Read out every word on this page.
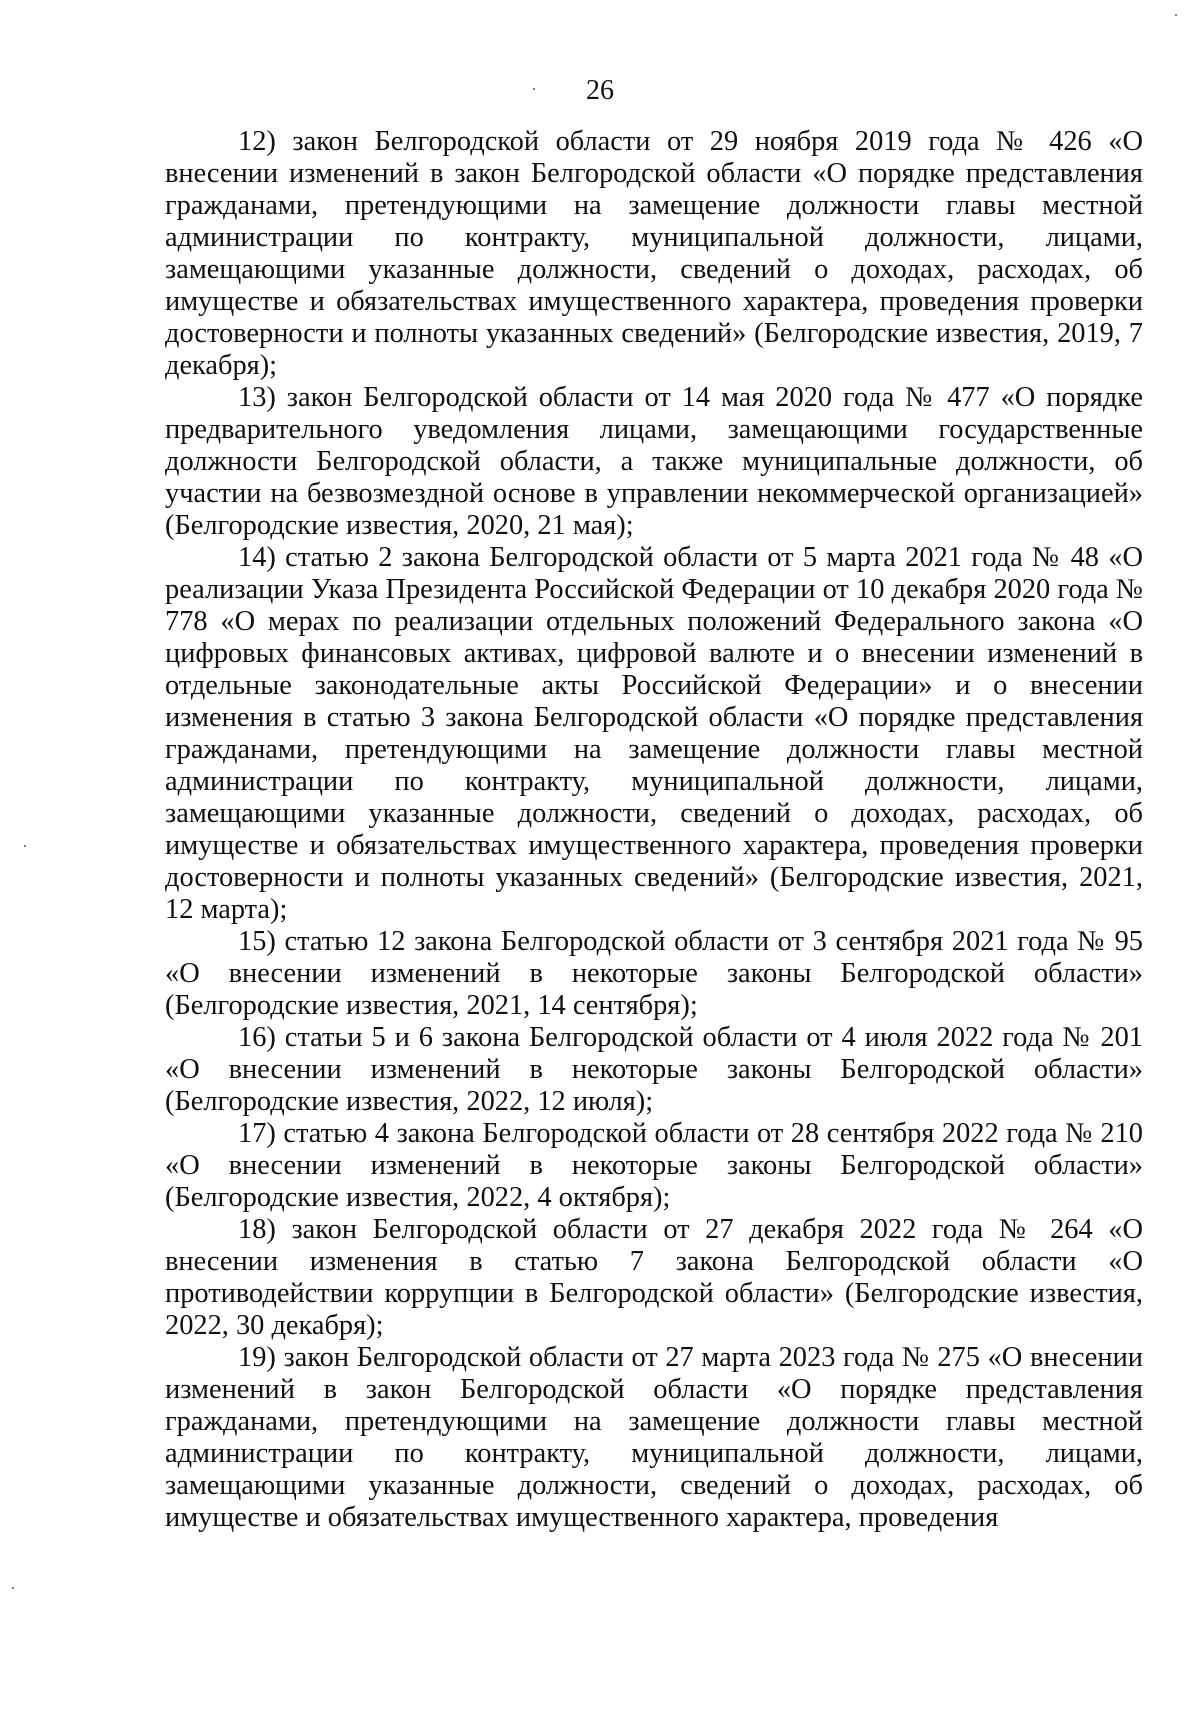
26

12) закон Белгородской области от 29 ноября 2019 года № 426 «О внесении изменений в закон Белгородской области «О порядке представления гражданами, претендующими на замещение должности главы местной администрации по контракту, муниципальной должности, лицами, замещающими указанные должности, сведений о доходах, расходах, об имуществе и обязательствах имущественного характера, проведения проверки достоверности и полноты указанных сведений» (Белгородские известия, 2019, 7 декабря);

13) закон Белгородской области от 14 мая 2020 года № 477 «О порядке предварительного уведомления лицами, замещающими государственные должности Белгородской области, а также муниципальные должности, об участии на безвозмездной основе в управлении некоммерческой организацией» (Белгородские известия, 2020, 21 мая);

14) статью 2 закона Белгородской области от 5 марта 2021 года № 48 «О реализации Указа Президента Российской Федерации от 10 декабря 2020 года № 778 «О мерах по реализации отдельных положений Федерального закона «О цифровых финансовых активах, цифровой валюте и о внесении изменений в отдельные законодательные акты Российской Федерации» и о внесении изменения в статью 3 закона Белгородской области «О порядке представления гражданами, претендующими на замещение должности главы местной администрации по контракту, муниципальной должности, лицами, замещающими указанные должности, сведений о доходах, расходах, об имуществе и обязательствах имущественного характера, проведения проверки достоверности и полноты указанных сведений» (Белгородские известия, 2021, 12 марта);

15) статью 12 закона Белгородской области от 3 сентября 2021 года № 95 «О внесении изменений в некоторые законы Белгородской области» (Белгородские известия, 2021, 14 сентября);

16) статьи 5 и 6 закона Белгородской области от 4 июля 2022 года № 201 «О внесении изменений в некоторые законы Белгородской области» (Белгородские известия, 2022, 12 июля);

17) статью 4 закона Белгородской области от 28 сентября 2022 года № 210 «О внесении изменений в некоторые законы Белгородской области» (Белгородские известия, 2022, 4 октября);

18) закон Белгородской области от 27 декабря 2022 года № 264 «О внесении изменения в статью 7 закона Белгородской области «О противодействии коррупции в Белгородской области» (Белгородские известия, 2022, 30 декабря);

19) закон Белгородской области от 27 марта 2023 года № 275 «О внесении изменений в закон Белгородской области «О порядке представления гражданами, претендующими на замещение должности главы местной администрации по контракту, муниципальной должности, лицами, замещающими указанные должности, сведений о доходах, расходах, об имуществе и обязательствах имущественного характера, проведения
